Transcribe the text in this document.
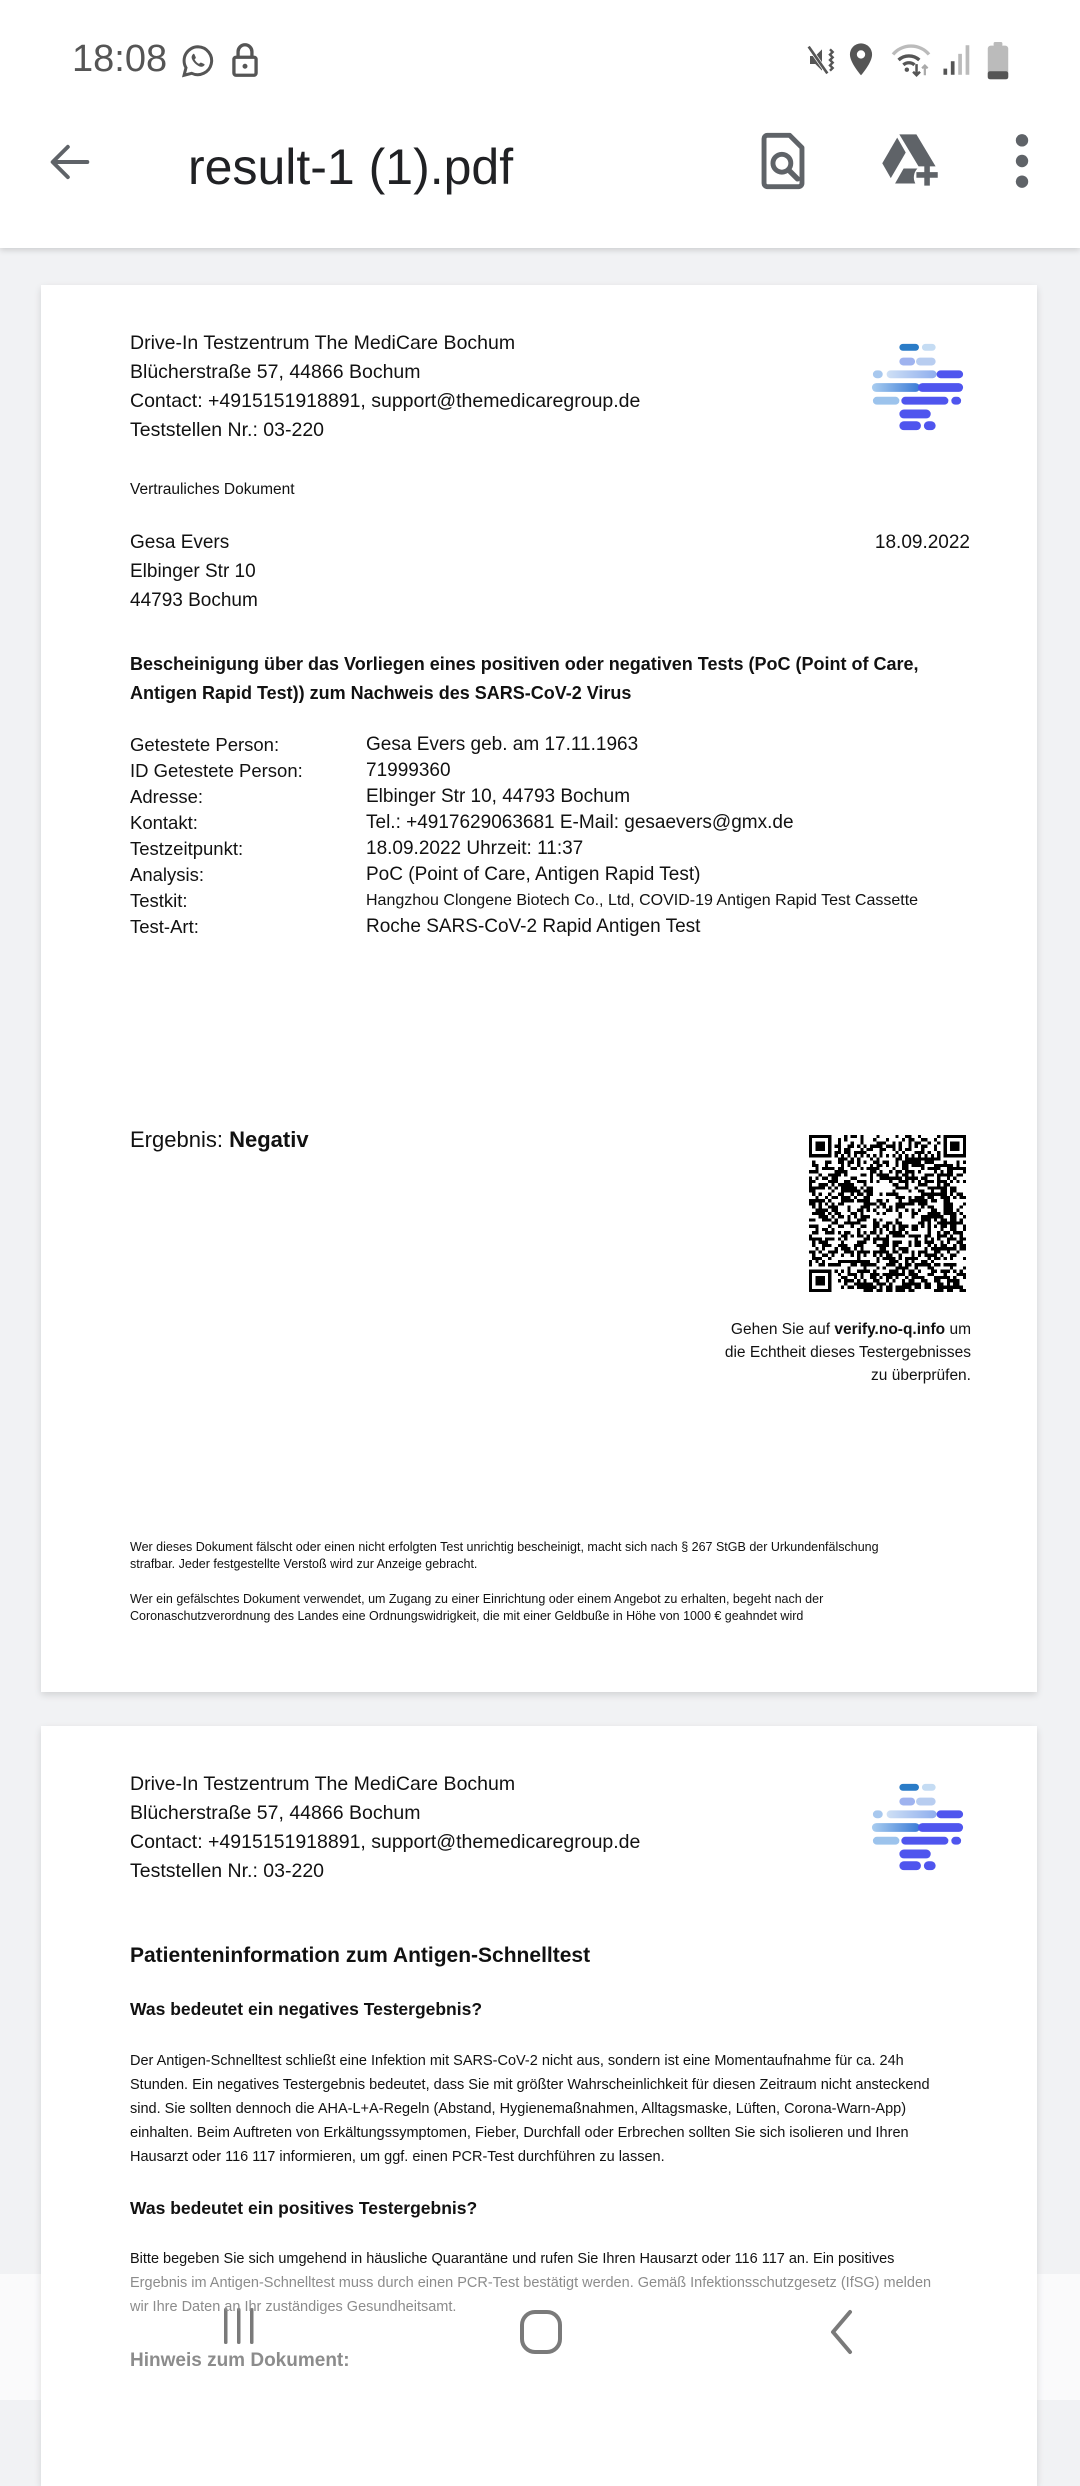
18:08
result-1 (1).pdf
Drive-In Testzentrum The MediCare Bochum
Blücherstraße 57, 44866 Bochum
Contact: +4915151918891, support@themedicaregroup.de
Teststellen Nr.: 03-220
Vertrauliches Dokument
Gesa Evers
Elbinger Str 10
44793 Bochum
18.09.2022
Bescheinigung über das Vorliegen eines positiven oder negativen Tests (PoC (Point of Care,
Antigen Rapid Test)) zum Nachweis des SARS-CoV-2 Virus
Getestete Person:	Gesa Evers geb. am 17.11.1963
ID Getestete Person:	71999360
Adresse:	Elbinger Str 10, 44793 Bochum
Kontakt:	Tel.: +4917629063681 E-Mail: gesaevers@gmx.de
Testzeitpunkt:	18.09.2022 Uhrzeit: 11:37
Analysis:	PoC (Point of Care, Antigen Rapid Test)
Testkit:	Hangzhou Clongene Biotech Co., Ltd, COVID-19 Antigen Rapid Test Cassette
Test-Art:	Roche SARS-CoV-2 Rapid Antigen Test
Ergebnis: Negativ
Gehen Sie auf verify.no-q.info um
die Echtheit dieses Testergebnisses
zu überprüfen.

Wer dieses Dokument fälscht oder einen nicht erfolgten Test unrichtig bescheinigt, macht sich nach § 267 StGB der Urkundenfälschung
strafbar. Jeder festgestellte Verstoß wird zur Anzeige gebracht.

Wer ein gefälschtes Dokument verwendet, um Zugang zu einer Einrichtung oder einem Angebot zu erhalten, begeht nach der
Coronaschutzverordnung des Landes eine Ordnungswidrigkeit, die mit einer Geldbuße in Höhe von 1000 € geahndet wird

Drive-In Testzentrum The MediCare Bochum
Blücherstraße 57, 44866 Bochum
Contact: +4915151918891, support@themedicaregroup.de
Teststellen Nr.: 03-220
Patienteninformation zum Antigen-Schnelltest
Was bedeutet ein negatives Testergebnis?
Der Antigen-Schnelltest schließt eine Infektion mit SARS-CoV-2 nicht aus, sondern ist eine Momentaufnahme für ca. 24h
Stunden. Ein negatives Testergebnis bedeutet, dass Sie mit größter Wahrscheinlichkeit für diesen Zeitraum nicht ansteckend
sind. Sie sollten dennoch die AHA-L+A-Regeln (Abstand, Hygienemaßnahmen, Alltagsmaske, Lüften, Corona-Warn-App)
einhalten. Beim Auftreten von Erkältungssymptomen, Fieber, Durchfall oder Erbrechen sollten Sie sich isolieren und Ihren
Hausarzt oder 116 117 informieren, um ggf. einen PCR-Test durchführen zu lassen.
Was bedeutet ein positives Testergebnis?
Bitte begeben Sie sich umgehend in häusliche Quarantäne und rufen Sie Ihren Hausarzt oder 116 117 an. Ein positives
Ergebnis im Antigen-Schnelltest muss durch einen PCR-Test bestätigt werden. Gemäß Infektionsschutzgesetz (IfSG) melden
wir Ihre Daten an Ihr zuständiges Gesundheitsamt.
Hinweis zum Dokument:
